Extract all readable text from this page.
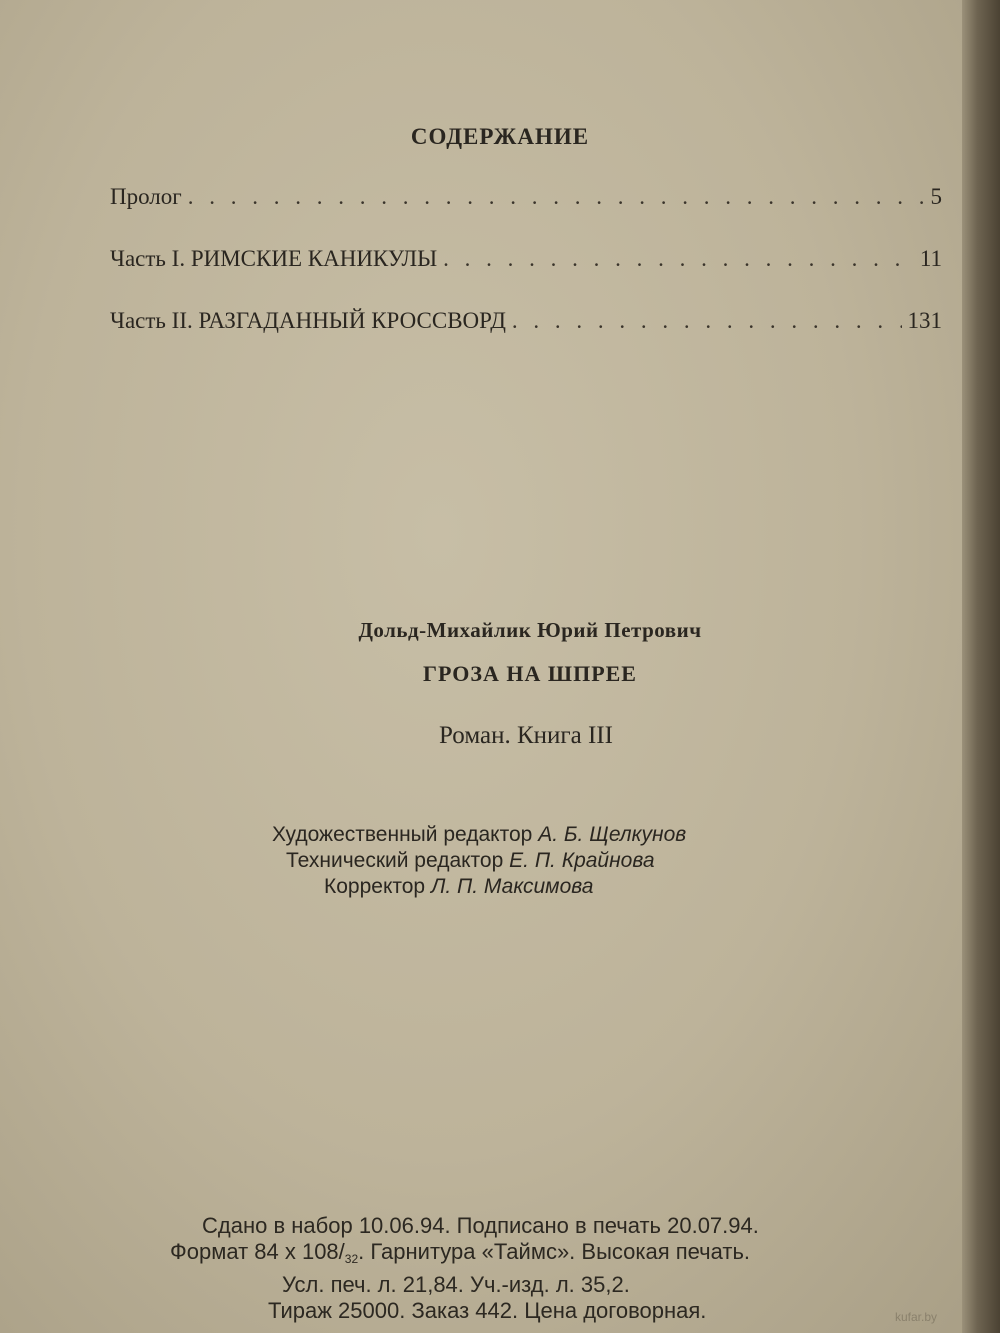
СОДЕРЖАНИЕ
Пролог . . .	5
Часть I. РИМСКИЕ КАНИКУЛЫ . . .	11
Часть II. РАЗГАДАННЫЙ КРОССВОРД . . .	131
Дольд-Михайлик Юрий Петрович
ГРОЗА НА ШПРЕЕ
Роман. Книга III
Художественный редактор А. Б. Щелкунов
Технический редактор Е. П. Крайнова
Корректор Л. П. Максимова
Сдано в набор 10.06.94. Подписано в печать 20.07.94.
Формат 84 x $108/_{32}$. Гарнитура «Таймс». Высокая печать.
Усл. печ. л. 21,84. Уч.-изд. л. 35,2.
Тираж 25000. Заказ 442. Цена договорная.	kufar.by
